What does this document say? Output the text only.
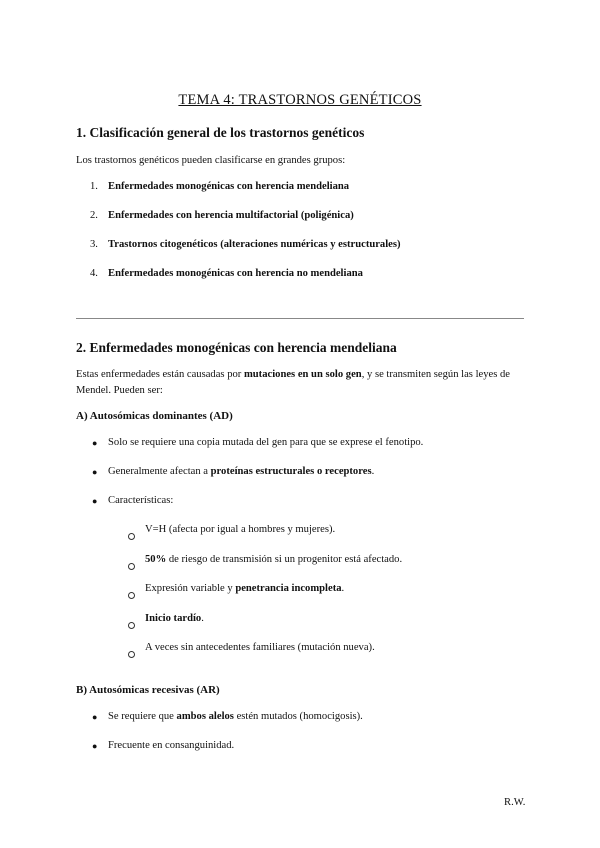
TEMA 4: TRASTORNOS GENÉTICOS
1. Clasificación general de los trastornos genéticos
Los trastornos genéticos pueden clasificarse en grandes grupos:
1. Enfermedades monogénicas con herencia mendeliana
2. Enfermedades con herencia multifactorial (poligénica)
3. Trastornos citogenéticos (alteraciones numéricas y estructurales)
4. Enfermedades monogénicas con herencia no mendeliana
2. Enfermedades monogénicas con herencia mendeliana
Estas enfermedades están causadas por mutaciones en un solo gen, y se transmiten según las leyes de
Mendel. Pueden ser:
A) Autosómicas dominantes (AD)
● Solo se requiere una copia mutada del gen para que se exprese el fenotipo.
● Generalmente afectan a proteínas estructurales o receptores.
● Características:
V=H (afecta por igual a hombres y mujeres).
50% de riesgo de transmisión si un progenitor está afectado.
Expresión variable y penetrancia incompleta.
Inicio tardío.
A veces sin antecedentes familiares (mutación nueva).
B) Autosómicas recesivas (AR)
● Se requiere que ambos alelos estén mutados (homocigosis).
● Frecuente en consanguinidad.
R.W.
